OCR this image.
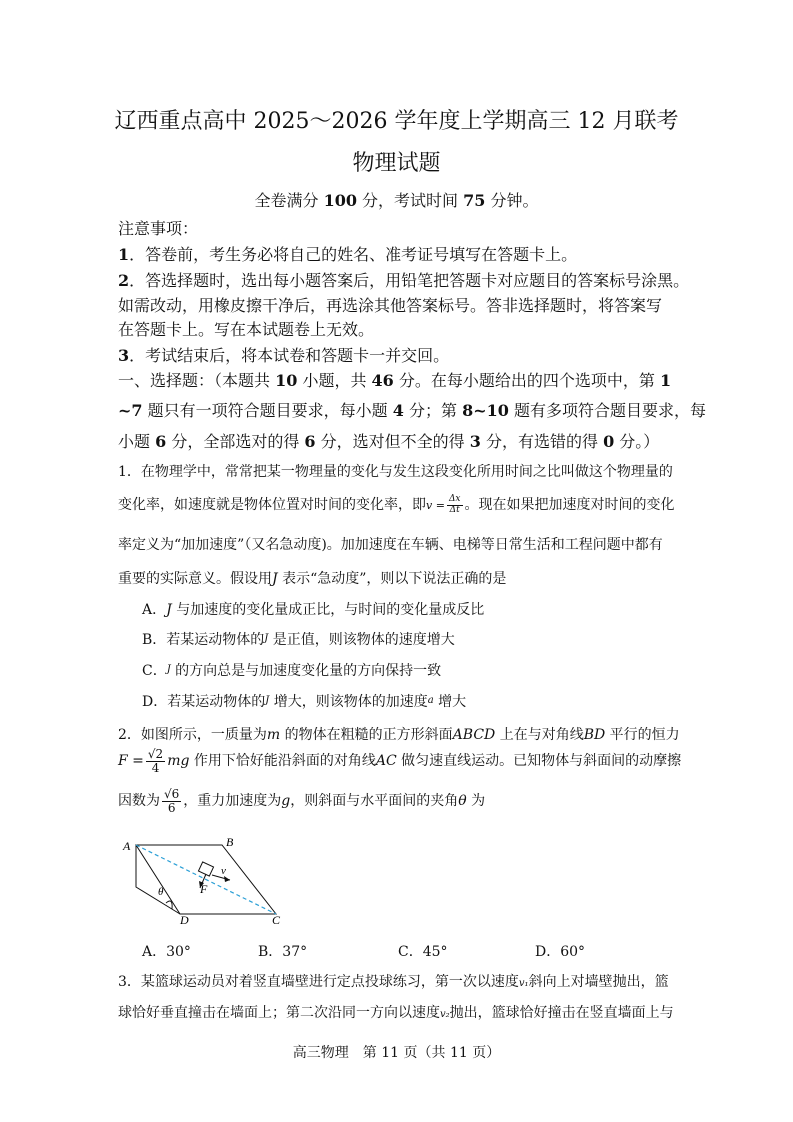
辽西重点高中 2025～2026 学年度上学期高三 12 月联考
物理试题
全卷满分 100 分，考试时间 75 分钟。
注意事项：
1．答卷前，考生务必将自己的姓名、准考证号填写在答题卡上。
2．答选择题时，选出每小题答案后，用铅笔把答题卡对应题目的答案标号涂黑。
如需改动，用橡皮擦干净后，再选涂其他答案标号。答非选择题时，将答案写
在答题卡上。写在本试题卷上无效。
3．考试结束后，将本试卷和答题卡一并交回。
一、选择题：（本题共 10 小题，共 46 分。在每小题给出的四个选项中，第 1
~7 题只有一项符合题目要求，每小题 4 分；第 8~10 题有多项符合题目要求，每
小题 6 分，全部选对的得 6 分，选对但不全的得 3 分，有选错的得 0 分。）
1．在物理学中，常常把某一物理量的变化与发生这段变化所用时间之比叫做这个物理量的
变化率，如速度就是物体位置对时间的变化率，即$v = \frac{\Delta x}{\Delta t}$ 。现在如果把加速度对时间的变化
率定义为“加加速度”（又名急动度)。加加速度在车辆、电梯等日常生活和工程问题中都有
重要的实际意义。假设用J 表示“急动度”，则以下说法正确的是
A．J 与加速度的变化量成正比，与时间的变化量成反比
B．若某运动物体的$^J$ 是正值，则该物体的速度增大
C．$^J$ 的方向总是与加速度变化量的方向保持一致
D．若某运动物体的$^J$ 增大，则该物体的加速度$^a$ 增大
2．如图所示，一质量为m 的物体在粗糙的正方形斜面ABCD 上在与对角线BD 平行的恒力
$F = \frac{√2}{4}$ mg 作用下恰好能沿斜面的对角线AC 做匀速直线运动。已知物体与斜面间的动摩擦
因数为 $\frac{√6}{6}$ ，重力加速度为g，则斜面与水平面间的夹角θ 为
A	B
C
D
θ	F
v
A．30°	B．37°	C．45°	D．60°
3．某篮球运动员对着竖直墙壁进行定点投球练习，第一次以速度v₁斜向上对墙壁抛出，篮
球恰好垂直撞击在墙面上；第二次沿同一方向以速度v₂抛出，篮球恰好撞击在竖直墙面上与
高三物理　第 11 页（共 11 页）
